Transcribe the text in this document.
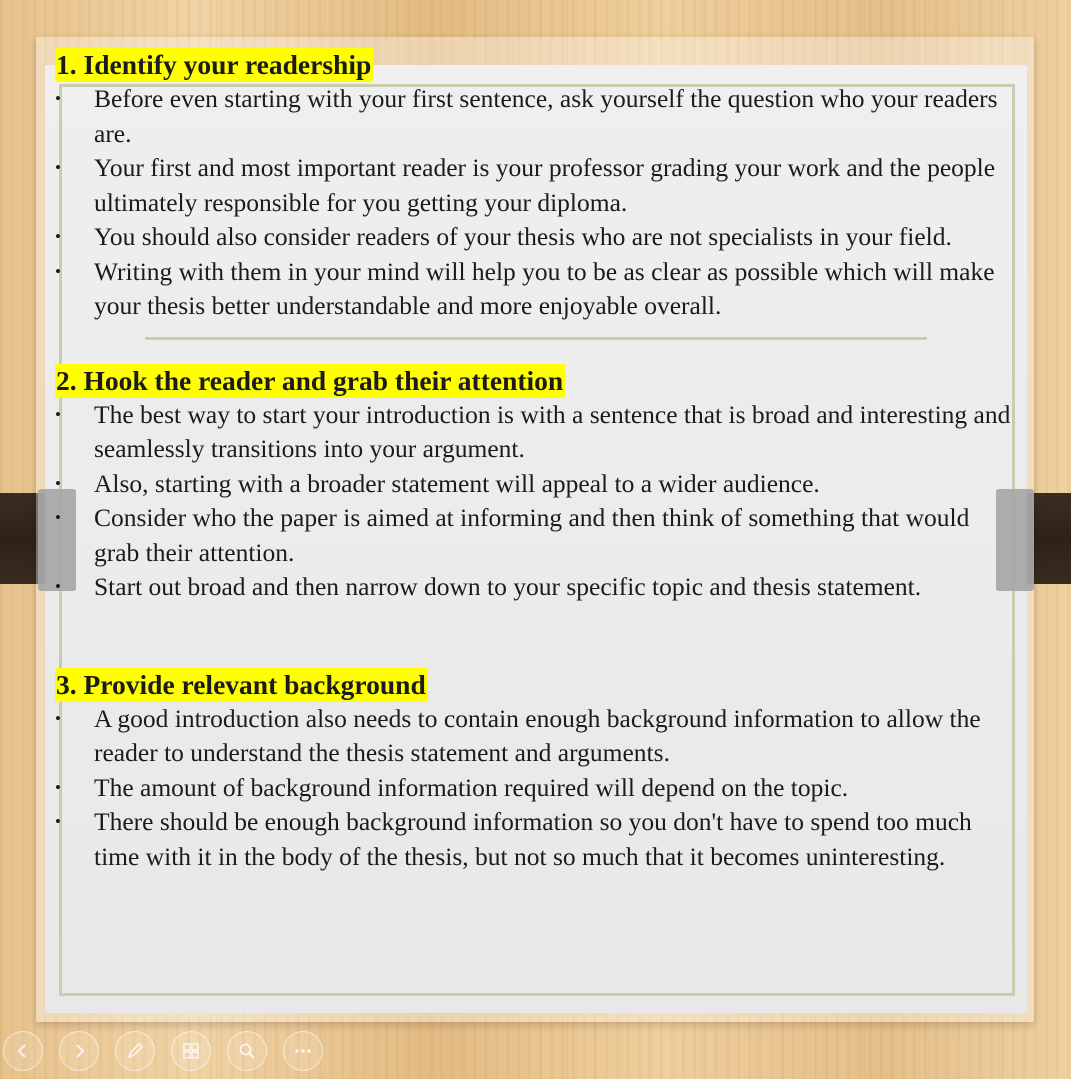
1. Identify your readership
• Before even starting with your first sentence, ask yourself the question who your readers are.
• Your first and most important reader is your professor grading your work and the people ultimately responsible for you getting your diploma.
• You should also consider readers of your thesis who are not specialists in your field.
• Writing with them in your mind will help you to be as clear as possible which will make your thesis better understandable and more enjoyable overall.
2. Hook the reader and grab their attention
• The best way to start your introduction is with a sentence that is broad and interesting and seamlessly transitions into your argument.
• Also, starting with a broader statement will appeal to a wider audience.
• Consider who the paper is aimed at informing and then think of something that would grab their attention.
• Start out broad and then narrow down to your specific topic and thesis statement.
3. Provide relevant background
• A good introduction also needs to contain enough background information to allow the reader to understand the thesis statement and arguments.
• The amount of background information required will depend on the topic.
• There should be enough background information so you don't have to spend too much time with it in the body of the thesis, but not so much that it becomes uninteresting.
